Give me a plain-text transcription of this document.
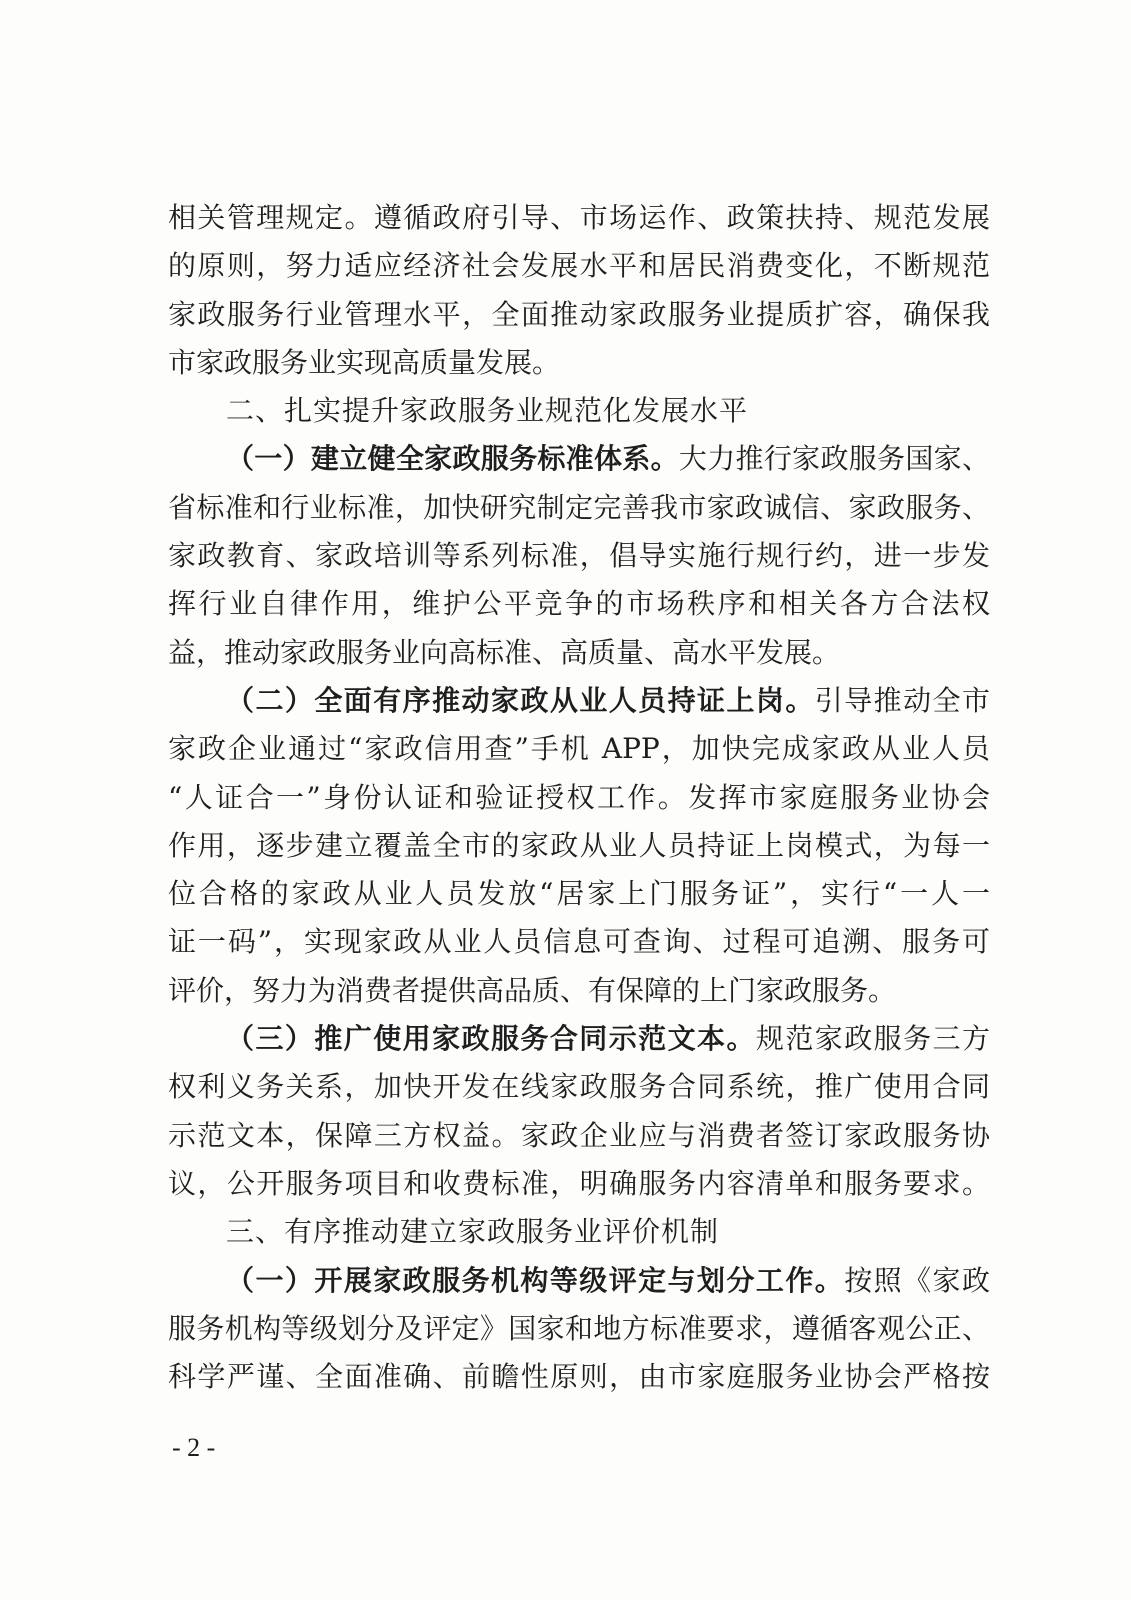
相关管理规定。遵循政府引导、市场运作、政策扶持、规范发展
的原则，努力适应经济社会发展水平和居民消费变化，不断规范
家政服务行业管理水平，全面推动家政服务业提质扩容，确保我
市家政服务业实现高质量发展。
二、扎实提升家政服务业规范化发展水平
（一）建立健全家政服务标准体系。大力推行家政服务国家、
省标准和行业标准，加快研究制定完善我市家政诚信、家政服务、
家政教育、家政培训等系列标准，倡导实施行规行约，进一步发
挥行业自律作用，维护公平竞争的市场秩序和相关各方合法权
益，推动家政服务业向高标准、高质量、高水平发展。
（二）全面有序推动家政从业人员持证上岗。引导推动全市
家政企业通过“家政信用查”手机 APP，加快完成家政从业人员
“人证合一”身份认证和验证授权工作。发挥市家庭服务业协会
作用，逐步建立覆盖全市的家政从业人员持证上岗模式，为每一
位合格的家政从业人员发放“居家上门服务证”，实行“一人一
证一码”，实现家政从业人员信息可查询、过程可追溯、服务可
评价，努力为消费者提供高品质、有保障的上门家政服务。
（三）推广使用家政服务合同示范文本。规范家政服务三方
权利义务关系，加快开发在线家政服务合同系统，推广使用合同
示范文本，保障三方权益。家政企业应与消费者签订家政服务协
议，公开服务项目和收费标准，明确服务内容清单和服务要求。
三、有序推动建立家政服务业评价机制
（一）开展家政服务机构等级评定与划分工作。按照《家政
服务机构等级划分及评定》国家和地方标准要求，遵循客观公正、
科学严谨、全面准确、前瞻性原则，由市家庭服务业协会严格按
- 2 -
